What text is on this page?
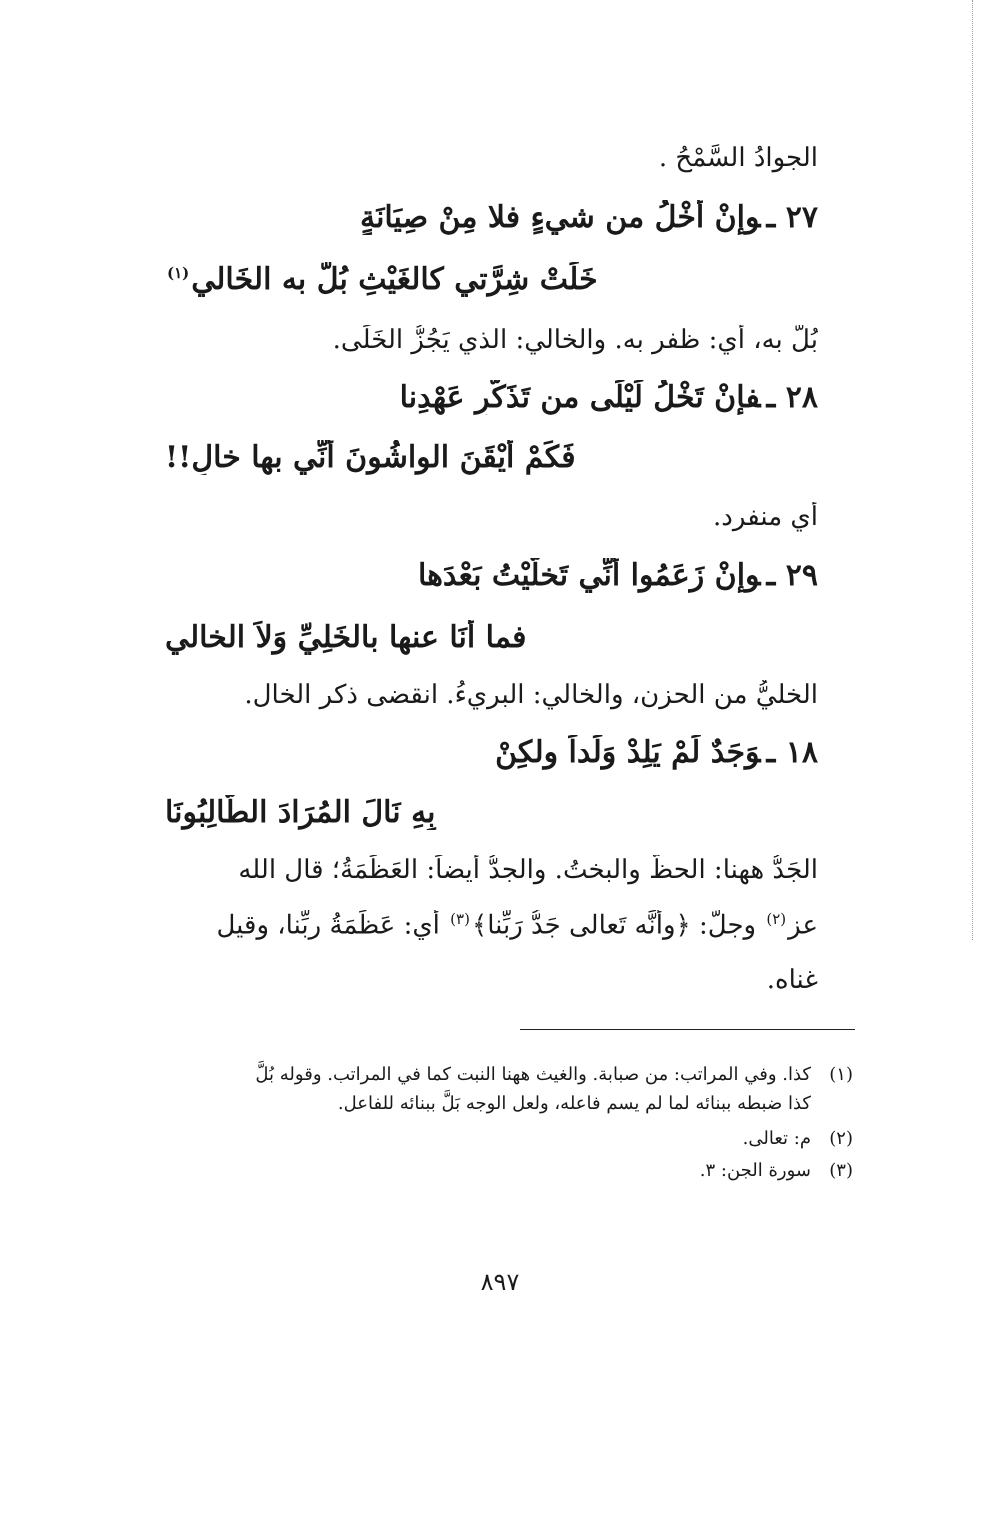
الجوادُ السَّمْحُ .
٢٧ ـوإنْ أَخْلُ من شيءٍ فلا مِنْ صِيَانَةٍ
خَلَتْ شِرَّتي كالغَيْثِ بُلَّ به الخَالي$^{(١)}$
بُلَّ به، أي: ظفر به. والخالي: الذي يَجُزُّ الخَلَى.
٢٨ ـفإنْ تَخْلُ لَيْلَى من تَذَكُّرِ عَهْدِنا
فَكَمْ أَيْقَنَ الواشُونَ أَنِّي بها خالِ!!
أي منفرد.
٢٩ ـوإنْ زَعَمُوا أَنِّي تَخلَّيْتُ بَعْدَها
فما أنَا عنها بالخَلِيِّ وَلاَ الخالي
الخليُّ من الحزن، والخالي: البريءُ. انقضى ذكر الخال.
١٨ ـوَجَدٌ لَمْ يَلِدْ وَلَداً ولكِنْ
بِهِ نَالَ المُرَادَ الطَّالِبُونَا
الجَدُّ ههنا: الحظُّ والبختُ. والجدُّ أيضاً: العَظَمَةُ؛ قال الله
عز$^{(٢)}$ وجلَّ: ﴿وأنَّه تَعالى جَدُّ رَبِّنا﴾$^{(٣)}$ أي: عَظَمَةُ ربِّنا، وقيل
غناه.
(١)كذا. وفي المراتب: من صبابة. والغيث ههنا النبت كما في المراتب. وقوله بُلَّ
كذا ضبطه ببنائه لما لم يسم فاعله، ولعل الوجه بَلَّ ببنائه للفاعل.
(٢)م: تعالى.
(٣)سورة الجن: ٣.
٨٩٧
